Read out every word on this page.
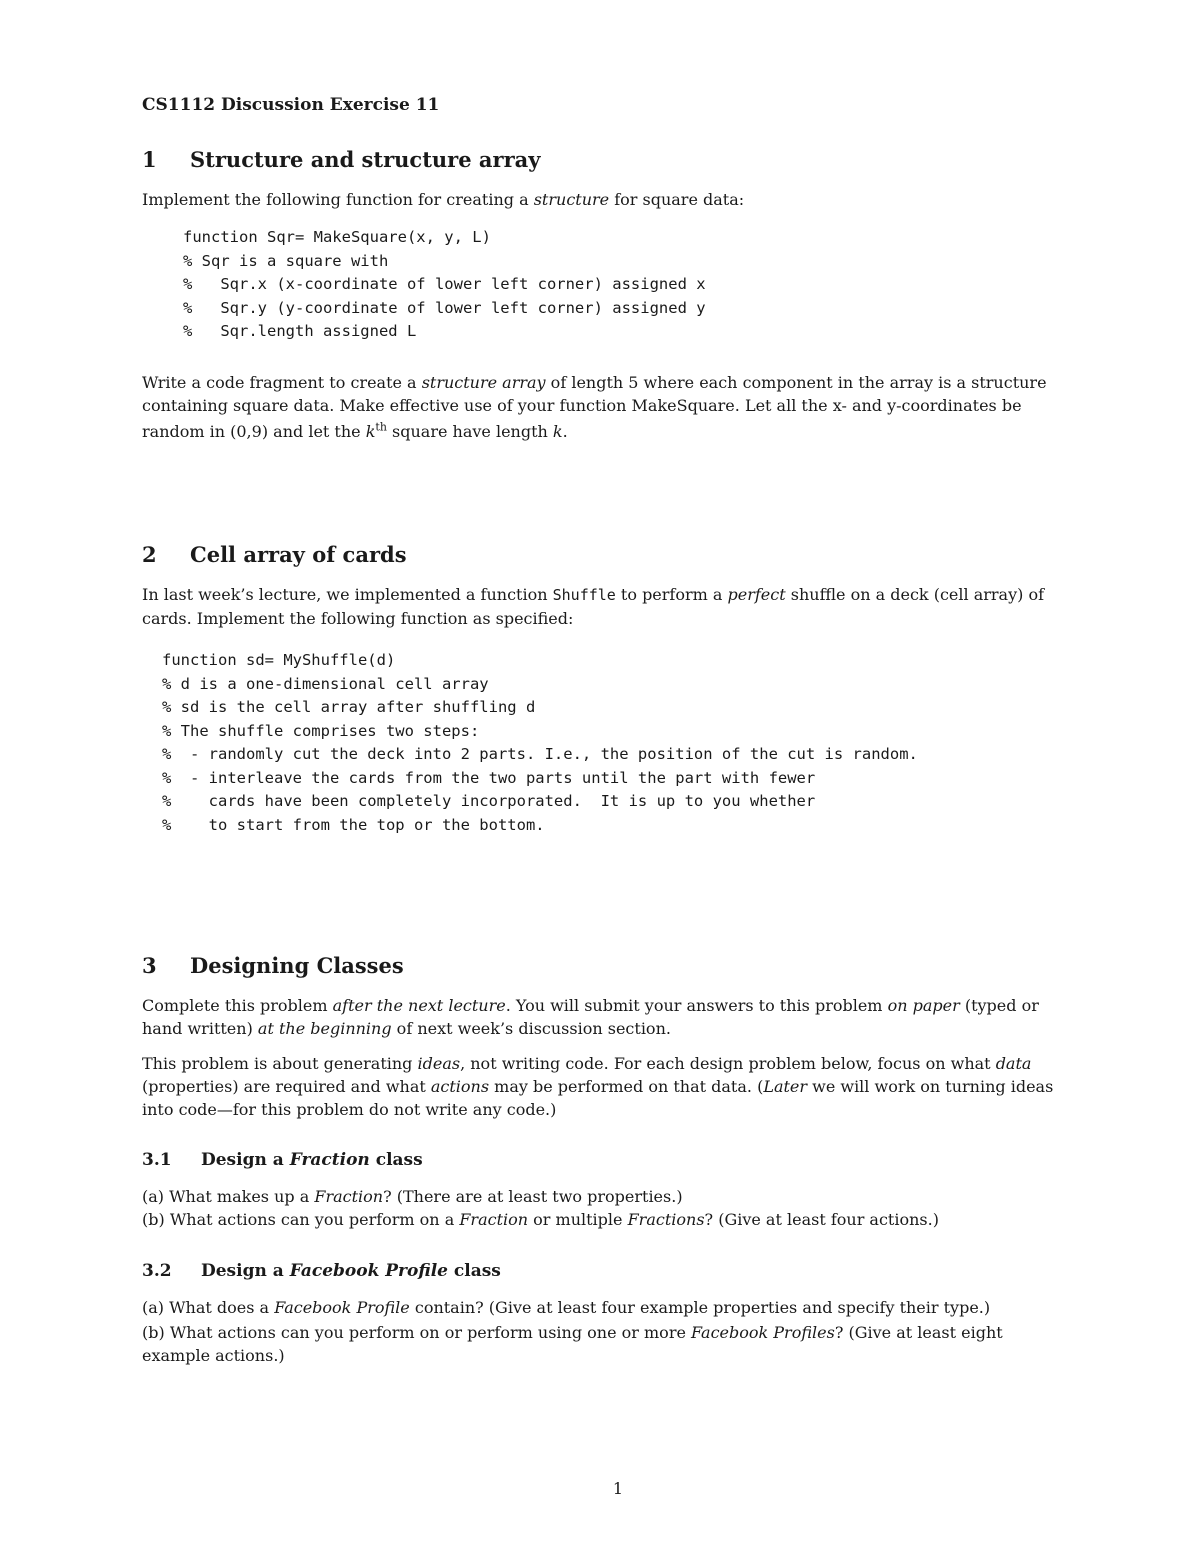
CS1112 Discussion Exercise 11
1 Structure and structure array
Implement the following function for creating a structure for square data:
function Sqr= MakeSquare(x, y, L)
% Sqr is a square with
%   Sqr.x (x-coordinate of lower left corner) assigned x
%   Sqr.y (y-coordinate of lower left corner) assigned y
%   Sqr.length assigned L
Write a code fragment to create a structure array of length 5 where each component in the array is a structure
containing square data. Make effective use of your function MakeSquare. Let all the x- and y-coordinates be
random in (0,9) and let the $k^{th}$ square have length k.
2 Cell array of cards
In last week’s lecture, we implemented a function Shuffle to perform a perfect shuffle on a deck (cell array) of
cards. Implement the following function as specified:
function sd= MyShuffle(d)
% d is a one-dimensional cell array
% sd is the cell array after shuffling d
% The shuffle comprises two steps:
%  - randomly cut the deck into 2 parts. I.e., the position of the cut is random.
%  - interleave the cards from the two parts until the part with fewer
%    cards have been completely incorporated.  It is up to you whether
%    to start from the top or the bottom.
3 Designing Classes
Complete this problem after the next lecture. You will submit your answers to this problem on paper (typed or
hand written) at the beginning of next week’s discussion section.
This problem is about generating ideas, not writing code. For each design problem below, focus on what data
(properties) are required and what actions may be performed on that data. (Later we will work on turning ideas
into code—for this problem do not write any code.)
3.1 Design a Fraction class
(a) What makes up a Fraction? (There are at least two properties.)
(b) What actions can you perform on a Fraction or multiple Fractions? (Give at least four actions.)
3.2 Design a Facebook Profile class
(a) What does a Facebook Profile contain? (Give at least four example properties and specify their type.)
(b) What actions can you perform on or perform using one or more Facebook Profiles? (Give at least eight
example actions.)
1
